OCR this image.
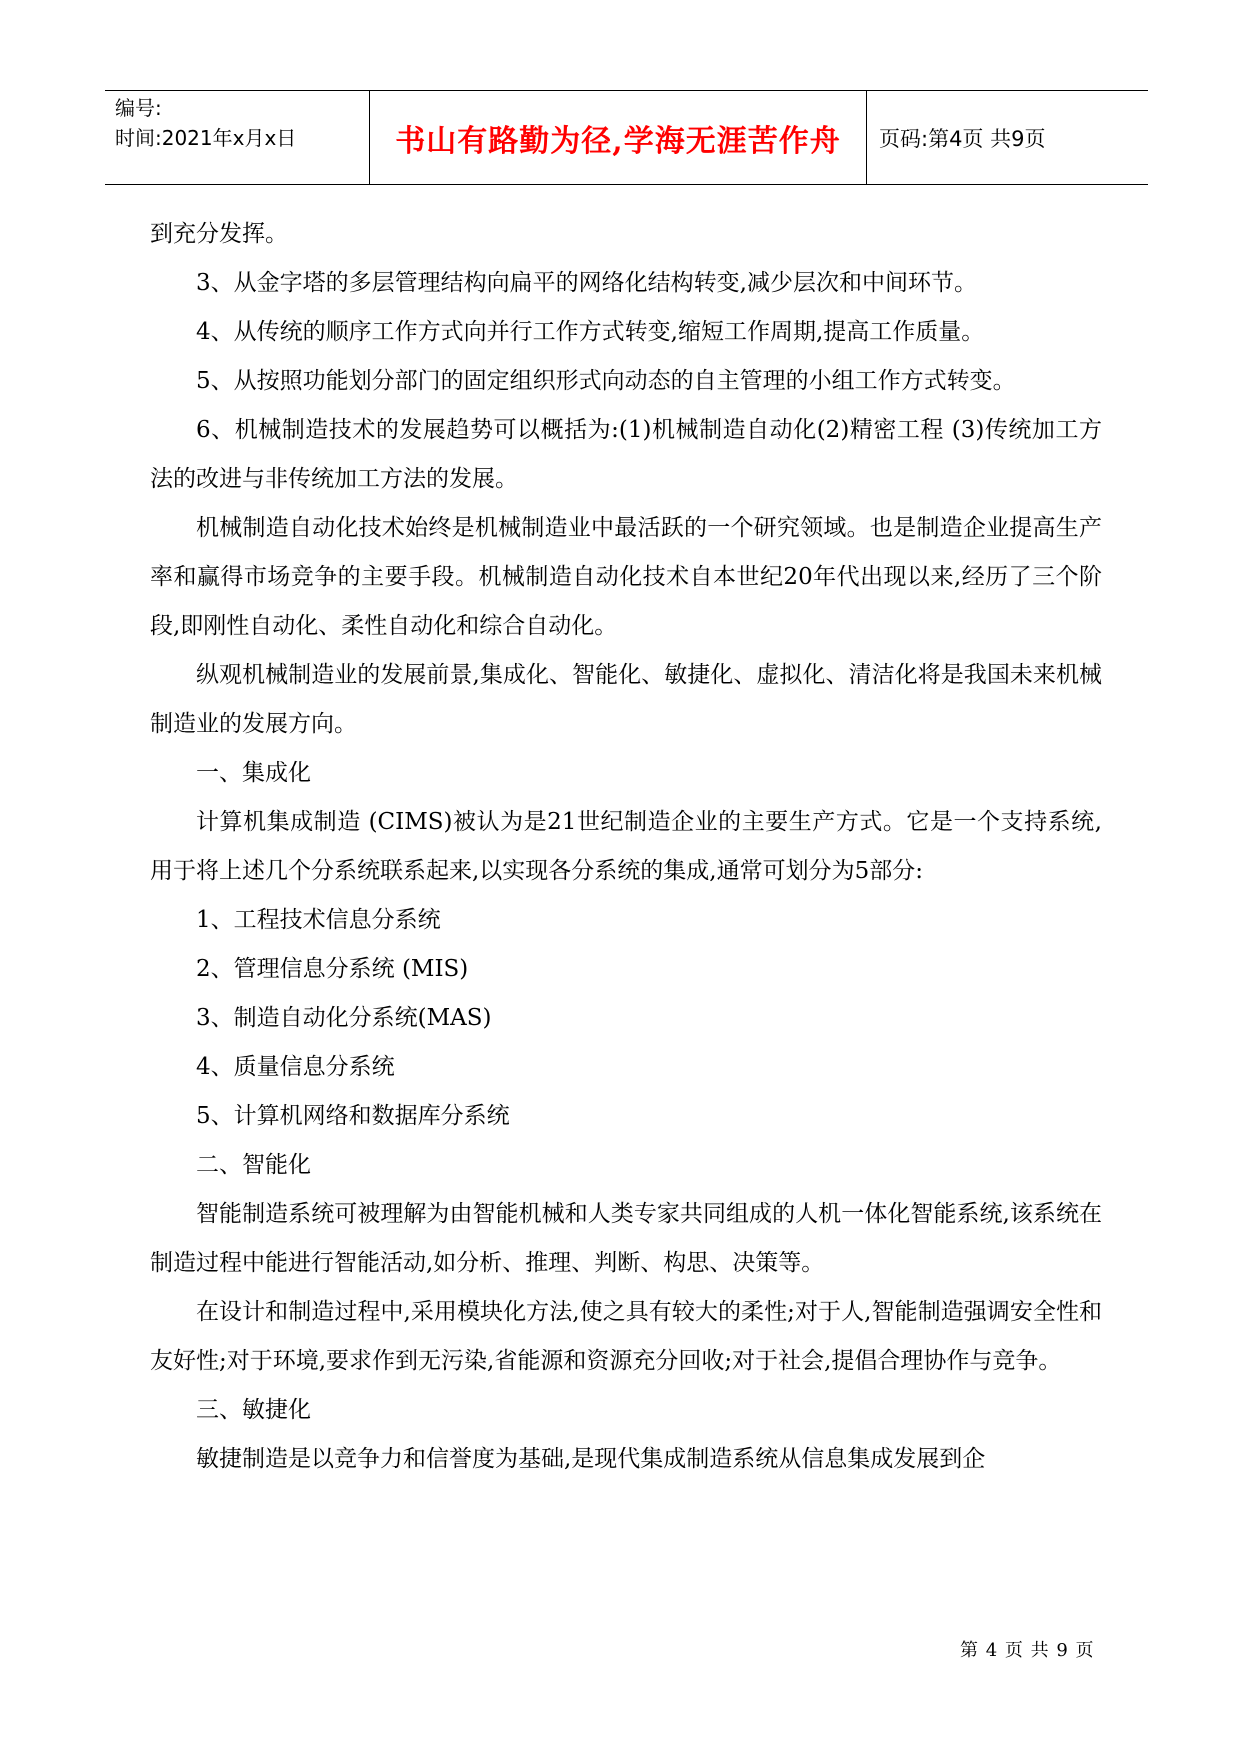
编号:
时间:2021年x月x日	书山有路勤为径,学海无涯苦作舟 页码:第4页 共9页

到充分发挥。

3、从金字塔的多层管理结构向扁平的网络化结构转变,减少层次和中间环节。

4、从传统的顺序工作方式向并行工作方式转变,缩短工作周期,提高工作质量。

5、从按照功能划分部门的固定组织形式向动态的自主管理的小组工作方式转变。

6、机械制造技术的发展趋势可以概括为:(1)机械制造自动化(2)精密工程 (3)传统加工方法的改进与非传统加工方法的发展。

机械制造自动化技术始终是机械制造业中最活跃的一个研究领域。也是制造企业提高生产率和赢得市场竞争的主要手段。机械制造自动化技术自本世纪20年代出现以来,经历了三个阶段,即刚性自动化、柔性自动化和综合自动化。

纵观机械制造业的发展前景,集成化、智能化、敏捷化、虚拟化、清洁化将是我国未来机械制造业的发展方向。

一、集成化

计算机集成制造 (CIMS)被认为是21世纪制造企业的主要生产方式。它是一个支持系统,用于将上述几个分系统联系起来,以实现各分系统的集成,通常可划分为5部分:

1、工程技术信息分系统

2、管理信息分系统 (MIS)

3、制造自动化分系统(MAS)

4、质量信息分系统

5、计算机网络和数据库分系统

二、智能化

智能制造系统可被理解为由智能机械和人类专家共同组成的人机一体化智能系统,该系统在制造过程中能进行智能活动,如分析、推理、判断、构思、决策等。

在设计和制造过程中,采用模块化方法,使之具有较大的柔性;对于人,智能制造强调安全性和友好性;对于环境,要求作到无污染,省能源和资源充分回收;对于社会,提倡合理协作与竞争。

三、敏捷化

敏捷制造是以竞争力和信誉度为基础,是现代集成制造系统从信息集成发展到企

第 4 页 共 9 页
